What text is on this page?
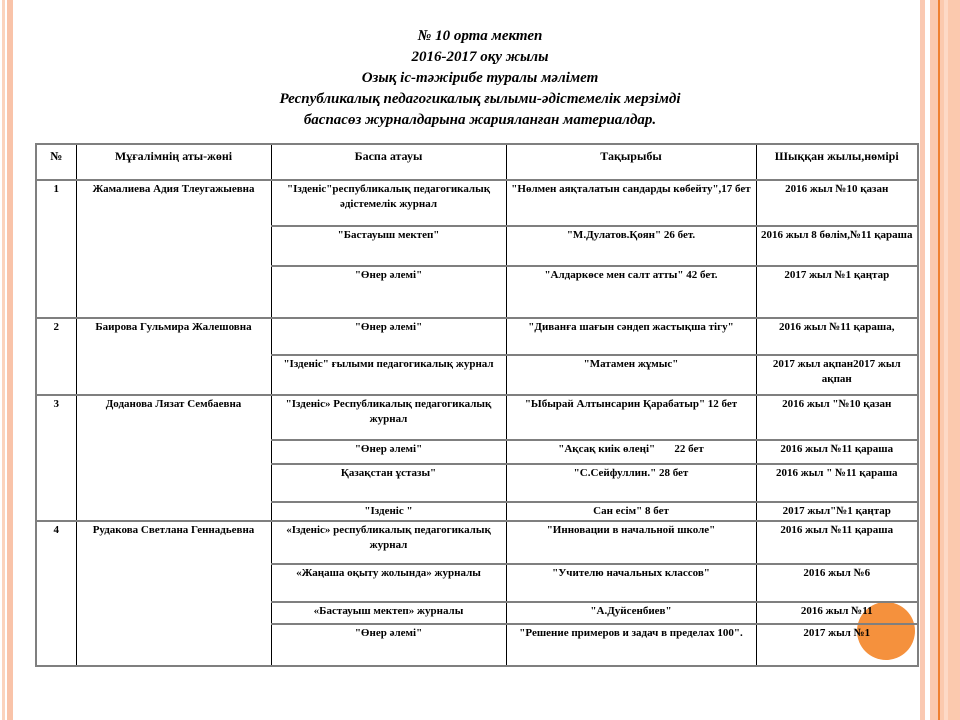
№ 10 орта мектеп
2016-2017 оқу жылы
Озық іс-тәжірибе туралы мәлімет
Республикалық педагогикалық ғылыми-әдістемелік мерзімді
баспасөз журналдарына жарияланған материалдар.
№	Мұғалімнің аты-жөні	Баспа атауы	Тақырыбы	Шыққан жылы,нөмірі
1	Жамалиева Адия Тлеугажыевна	"Ізденіс"республикалық педагогикалық әдістемелік журнал	"Нөлмен аяқталатын сандарды көбейту",17 бет	2016 жыл №10 қазан
		"Бастауыш мектеп"	"М.Дулатов.Қоян" 26 бет.	2016 жыл 8 бөлім,№11 қараша
		"Өнер әлемі"	"Алдаркөсе мен салт атты" 42 бет.	2017 жыл №1 қаңтар
2	Баирова Гульмира Жалешовна	"Өнер әлемі"	"Диванға шағын сәндеп жастықша тігу"	2016 жыл №11 қараша,
		"Ізденіс" ғылыми педагогикалық журнал	"Матамен жұмыс"	2017 жыл ақпан2017 жыл ақпан
3	Доданова Лязат Сембаевна	"Ізденіс» Республикалық педагогикалық журнал	"Ыбырай Алтынсарин Қарабатыр" 12 бет	2016 жыл "№10 қазан
		"Өнер әлемі"	"Ақсақ киік өлеңі"       22 бет	2016 жыл №11 қараша
		Қазақстан ұстазы"	"С.Сейфуллин." 28 бет	2016 жыл " №11 қараша
		"Ізденіс "	Сан есім" 8 бет	2017 жыл"№1 қаңтар
4	Рудакова Светлана Геннадьевна	«Ізденіс» республикалық педагогикалық журнал	"Инновации в начальной школе"	2016 жыл №11 қараша
		«Жаңаша оқыту жолында» журналы	"Учителю начальных классов"	2016 жыл №6
		«Бастауыш мектеп» журналы	"А.Дуйсенбиев"	2016 жыл №11
		"Өнер әлемі"	"Решение примеров и задач в пределах 100".	2017 жыл №1
